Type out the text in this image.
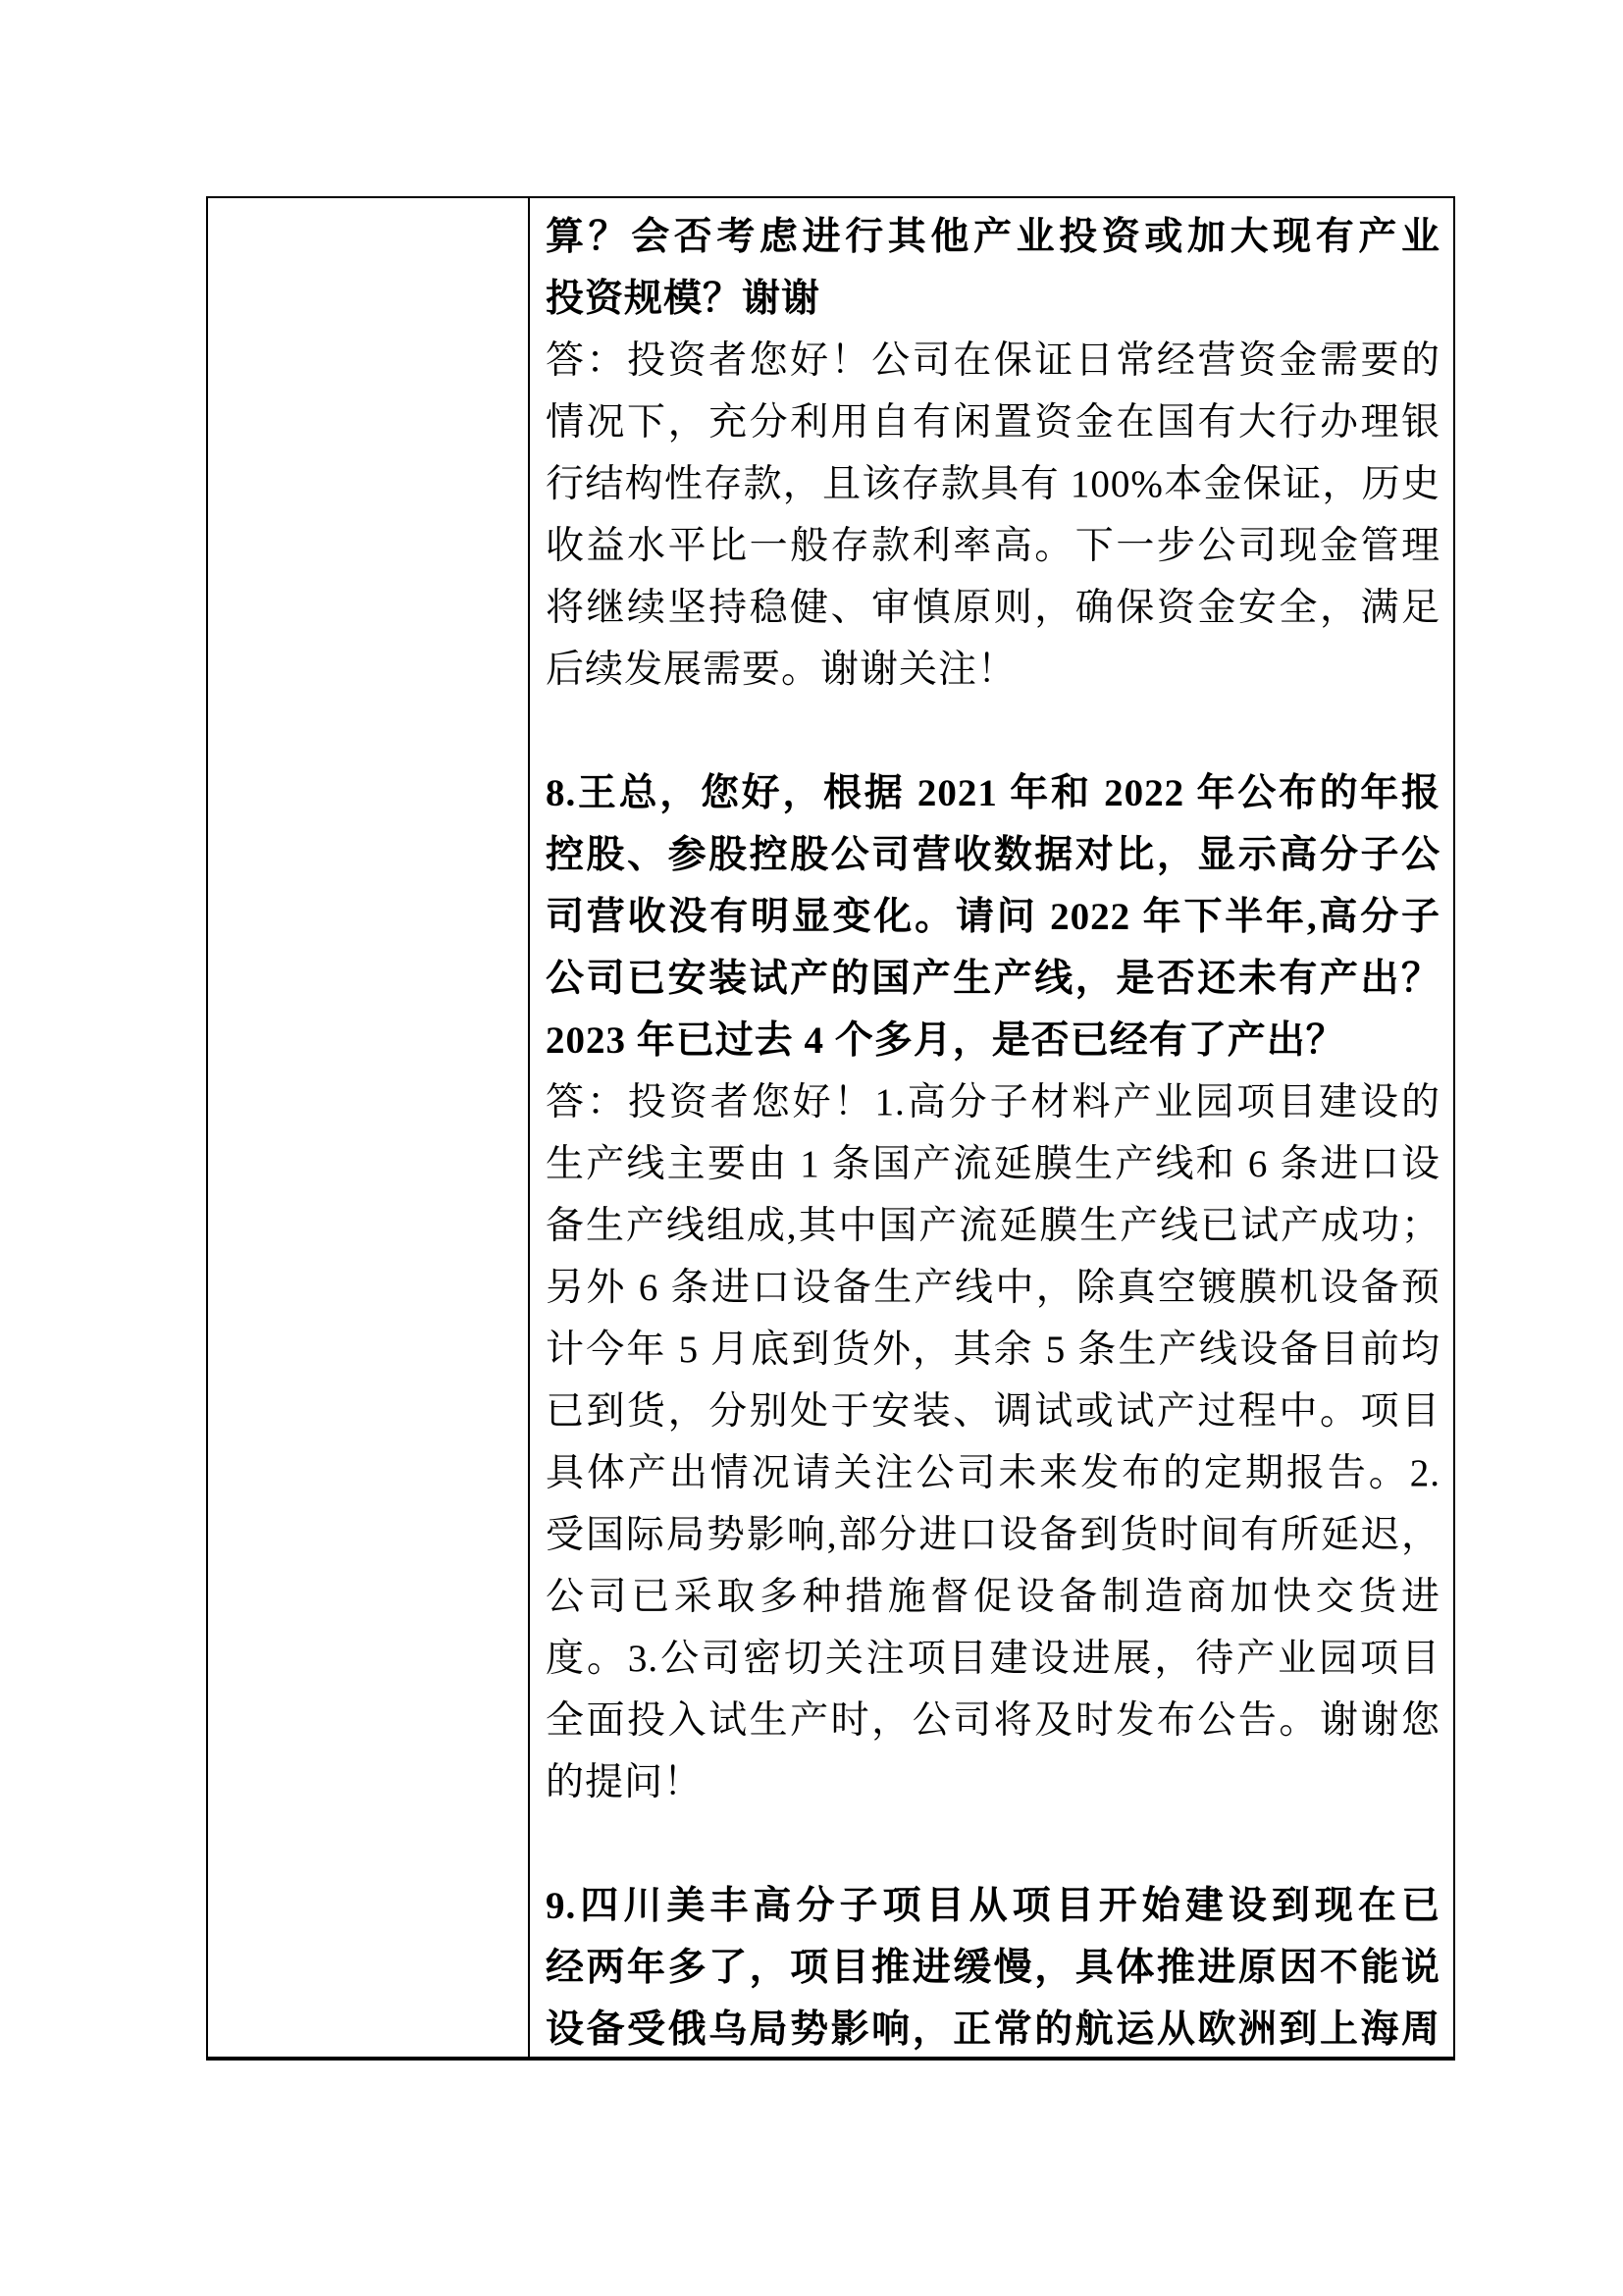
算？会否考虑进行其他产业投资或加大现有产业
投资规模？谢谢
答：投资者您好！公司在保证日常经营资金需要的
情况下，充分利用自有闲置资金在国有大行办理银
行结构性存款，且该存款具有 100%本金保证，历史
收益水平比一般存款利率高。下一步公司现金管理
将继续坚持稳健、审慎原则，确保资金安全，满足
后续发展需要。谢谢关注！
8.王总，您好，根据 2021 年和 2022 年公布的年报
控股、参股控股公司营收数据对比，显示高分子公
司营收没有明显变化。请问 2022 年下半年,高分子
公司已安装试产的国产生产线，是否还未有产出？
2023 年已过去 4 个多月，是否已经有了产出？
答：投资者您好！1.高分子材料产业园项目建设的
生产线主要由 1 条国产流延膜生产线和 6 条进口设
备生产线组成,其中国产流延膜生产线已试产成功；
另外 6 条进口设备生产线中，除真空镀膜机设备预
计今年 5 月底到货外，其余 5 条生产线设备目前均
已到货，分别处于安装、调试或试产过程中。项目
具体产出情况请关注公司未来发布的定期报告。2.
受国际局势影响,部分进口设备到货时间有所延迟，
公司已采取多种措施督促设备制造商加快交货进
度。3.公司密切关注项目建设进展，待产业园项目
全面投入试生产时，公司将及时发布公告。谢谢您
的提问！
9.四川美丰高分子项目从项目开始建设到现在已
经两年多了，项目推进缓慢，具体推进原因不能说
设备受俄乌局势影响，正常的航运从欧洲到上海周
